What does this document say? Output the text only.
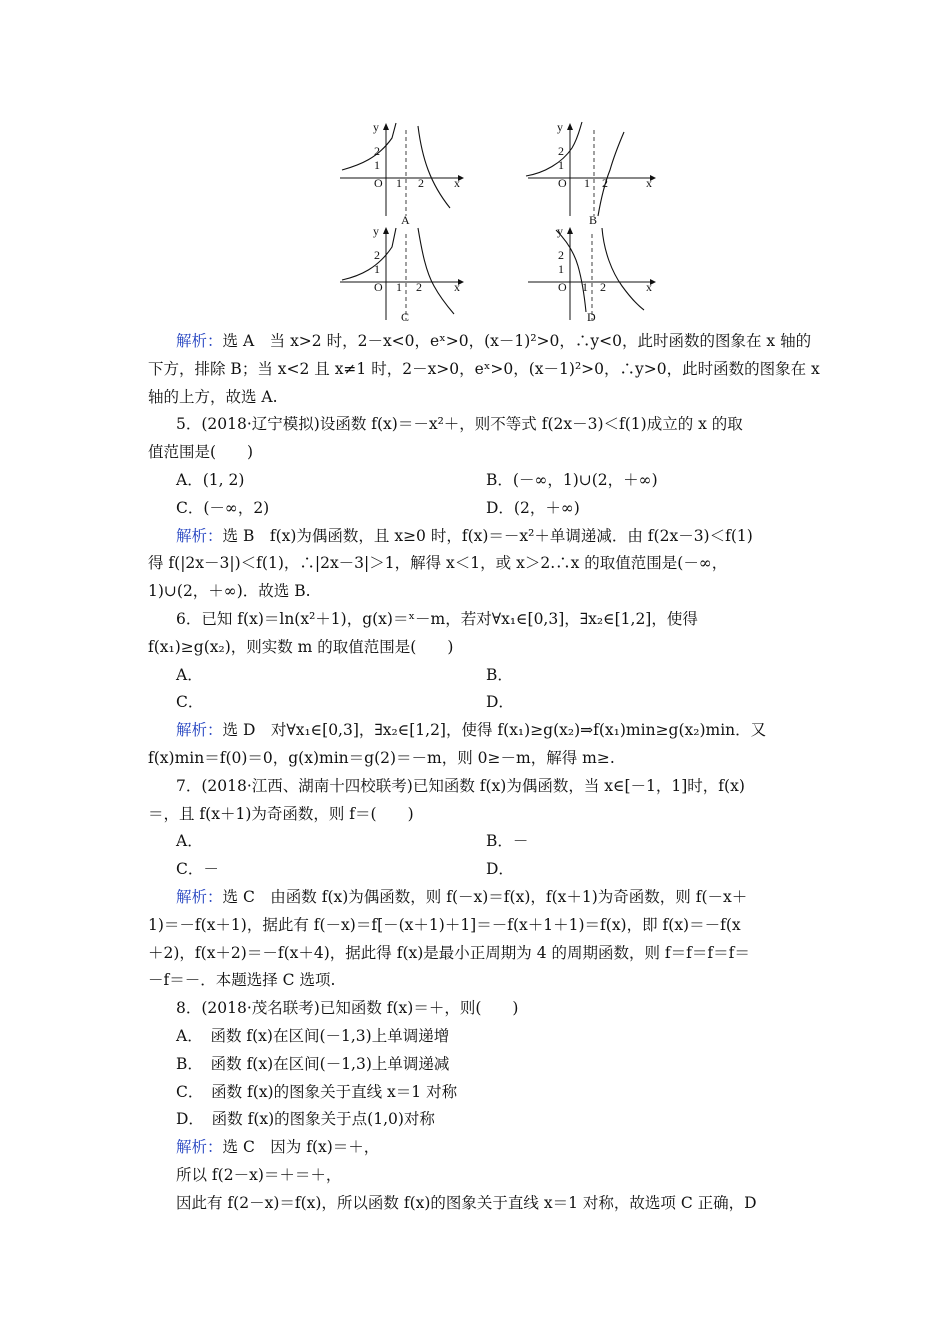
y
2
1
O 1 2	x
A
y
2
1
O 1 2	x
B
y
2
1
O 1 2	x
C
y
2
1
O 1 2	x
D
解析：选 A　当 x>2 时，2－x<0，eˣ>0，(x－1)²>0，∴y<0，此时函数的图象在 x 轴的
下方，排除 B；当 x<2 且 x≠1 时，2－x>0，eˣ>0，(x－1)²>0，∴y>0，此时函数的图象在 x
轴的上方，故选 A.
5．(2018·辽宁模拟)设函数 f(x)＝－x²＋，则不等式 f(2x－3)＜f(1)成立的 x 的取
值范围是(　　)
A．(1, 2)	B．(－∞，1)∪(2，＋∞)
C．(－∞，2)	D．(2，＋∞)
解析：选 B　f(x)为偶函数，且 x≥0 时，f(x)＝－x²＋单调递减．由 f(2x－3)＜f(1)
得 f(|2x－3|)＜f(1)，∴|2x－3|＞1，解得 x＜1，或 x＞2.∴x 的取值范围是(－∞，
1)∪(2，＋∞)．故选 B.
6．已知 f(x)＝ln(x²＋1)，g(x)＝ˣ－m，若对∀x₁∈[0,3]，∃x₂∈[1,2]，使得
f(x₁)≥g(x₂)，则实数 m 的取值范围是(　　)
A．	B．
C．	D．
解析：选 D　对∀x₁∈[0,3]，∃x₂∈[1,2]，使得 f(x₁)≥g(x₂)⇒f(x₁)min≥g(x₂)min．又
f(x)min＝f(0)＝0，g(x)min＝g(2)＝－m，则 0≥－m，解得 m≥.
7．(2018·江西、湖南十四校联考)已知函数 f(x)为偶函数，当 x∈[－1，1]时，f(x)
＝，且 f(x＋1)为奇函数，则 f＝(　　)
A．	B．－
C．－	D．
解析：选 C　由函数 f(x)为偶函数，则 f(－x)＝f(x)，f(x＋1)为奇函数，则 f(－x＋
1)＝－f(x＋1)，据此有 f(－x)＝f[－(x＋1)＋1]＝－f(x＋1＋1)＝f(x)，即 f(x)＝－f(x
＋2)，f(x＋2)＝－f(x＋4)，据此得 f(x)是最小正周期为 4 的周期函数，则 f＝f＝f＝f＝
－f＝－．本题选择 C 选项.
8．(2018·茂名联考)已知函数 f(x)＝＋，则(　　)
A．　函数 f(x)在区间(－1,3)上单调递增
B．　函数 f(x)在区间(－1,3)上单调递减
C．　函数 f(x)的图象关于直线 x＝1 对称
D．　函数 f(x)的图象关于点(1,0)对称
解析：选 C　因为 f(x)＝＋，
所以 f(2－x)＝＋＝＋，
因此有 f(2－x)＝f(x)，所以函数 f(x)的图象关于直线 x＝1 对称，故选项 C 正确，D
